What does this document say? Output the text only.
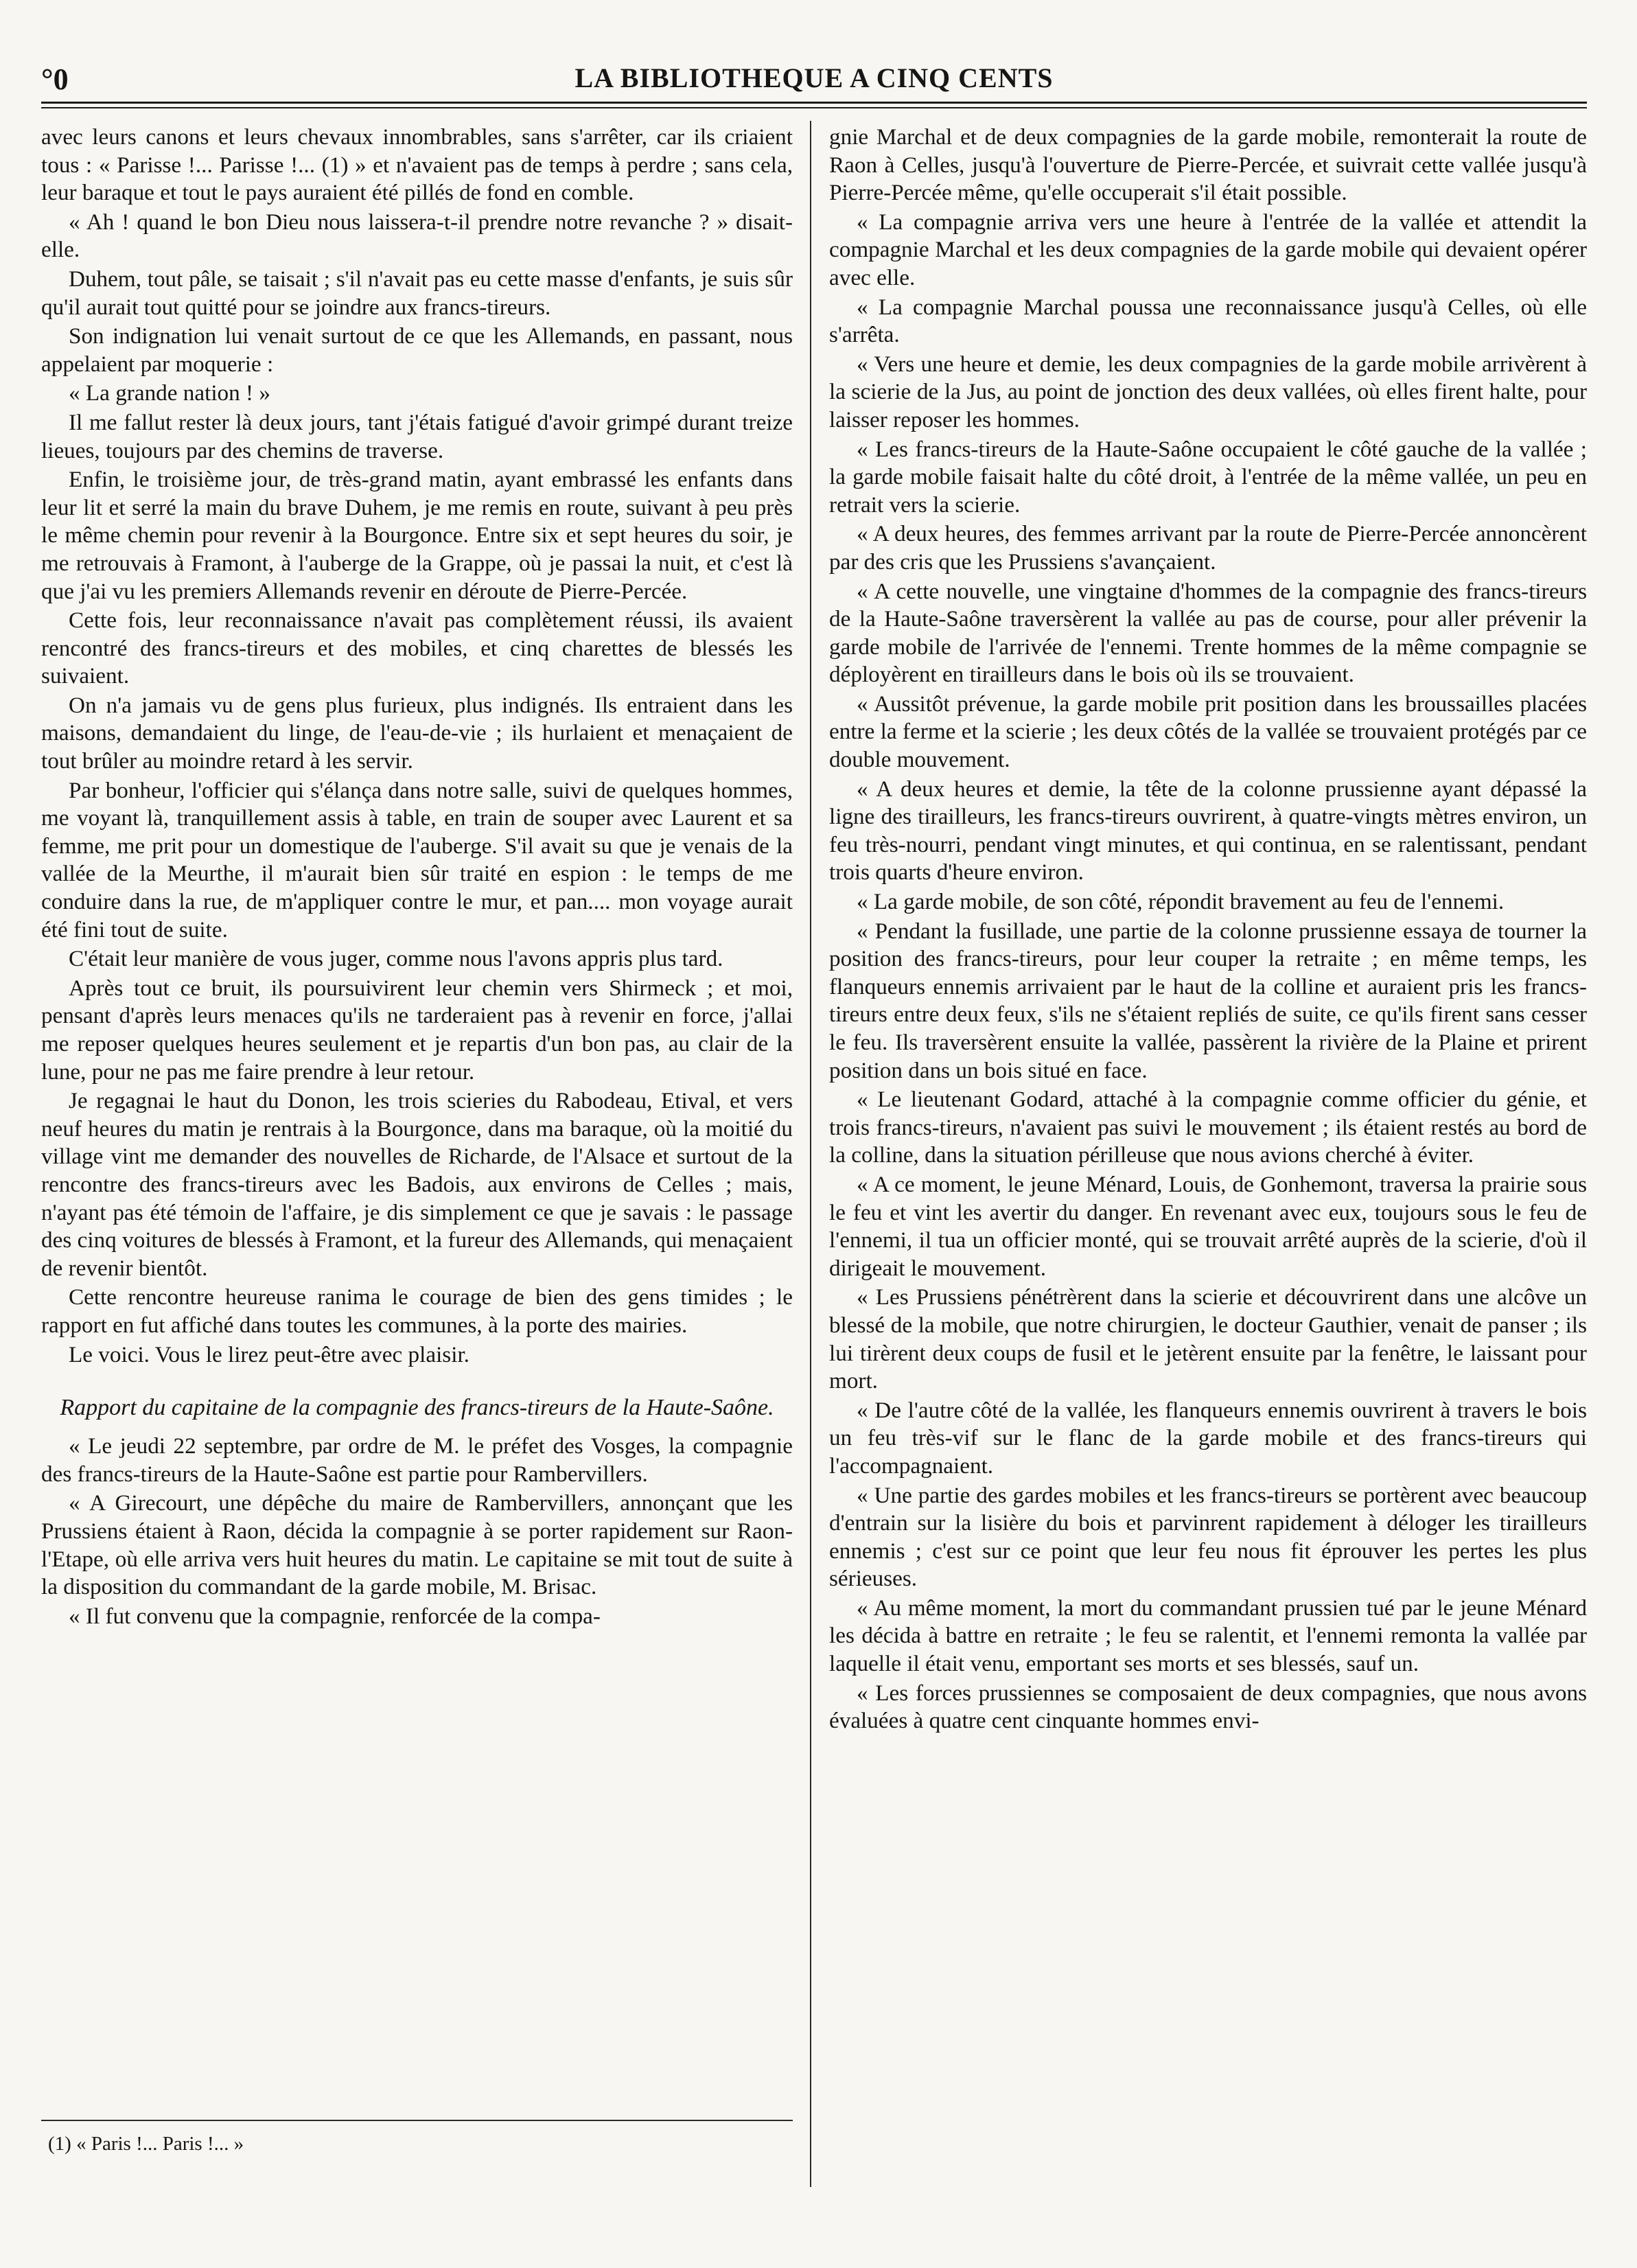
°0	LA BIBLIOTHEQUE A CINQ CENTS

avec leurs canons et leurs chevaux innombrables, sans s'arrêter, car ils criaient tous : « Parisse !... Parisse !... (1) » et n'avaient pas de temps à perdre ; sans cela, leur baraque et tout le pays auraient été pillés de fond en comble.

« Ah ! quand le bon Dieu nous laissera-t-il prendre notre revanche ? » disait-elle.

Duhem, tout pâle, se taisait ; s'il n'avait pas eu cette masse d'enfants, je suis sûr qu'il aurait tout quitté pour se joindre aux francs-tireurs.

Son indignation lui venait surtout de ce que les Allemands, en passant, nous appelaient par moquerie :

« La grande nation ! »

Il me fallut rester là deux jours, tant j'étais fatigué d'avoir grimpé durant treize lieues, toujours par des chemins de traverse.

Enfin, le troisième jour, de très-grand matin, ayant embrassé les enfants dans leur lit et serré la main du brave Duhem, je me remis en route, suivant à peu près le même chemin pour revenir à la Bourgonce. Entre six et sept heures du soir, je me retrouvais à Framont, à l'auberge de la Grappe, où je passai la nuit, et c'est là que j'ai vu les premiers Allemands revenir en déroute de Pierre-Percée.

Cette fois, leur reconnaissance n'avait pas complètement réussi, ils avaient rencontré des francs-tireurs et des mobiles, et cinq charettes de blessés les suivaient.

On n'a jamais vu de gens plus furieux, plus indignés. Ils entraient dans les maisons, demandaient du linge, de l'eau-de-vie ; ils hurlaient et menaçaient de tout brûler au moindre retard à les servir.

Par bonheur, l'officier qui s'élança dans notre salle, suivi de quelques hommes, me voyant là, tranquillement assis à table, en train de souper avec Laurent et sa femme, me prit pour un domestique de l'auberge. S'il avait su que je venais de la vallée de la Meurthe, il m'aurait bien sûr traité en espion : le temps de me conduire dans la rue, de m'appliquer contre le mur, et pan.... mon voyage aurait été fini tout de suite.

C'était leur manière de vous juger, comme nous l'avons appris plus tard.

Après tout ce bruit, ils poursuivirent leur chemin vers Shirmeck ; et moi, pensant d'après leurs menaces qu'ils ne tarderaient pas à revenir en force, j'allai me reposer quelques heures seulement et je repartis d'un bon pas, au clair de la lune, pour ne pas me faire prendre à leur retour.

Je regagnai le haut du Donon, les trois scieries du Rabodeau, Etival, et vers neuf heures du matin je rentrais à la Bourgonce, dans ma baraque, où la moitié du village vint me demander des nouvelles de Richarde, de l'Alsace et surtout de la rencontre des francs-tireurs avec les Badois, aux environs de Celles ; mais, n'ayant pas été témoin de l'affaire, je dis simplement ce que je savais : le passage des cinq voitures de blessés à Framont, et la fureur des Allemands, qui menaçaient de revenir bientôt.

Cette rencontre heureuse ranima le courage de bien des gens timides ; le rapport en fut affiché dans toutes les communes, à la porte des mairies.

Le voici. Vous le lirez peut-être avec plaisir.

Rapport du capitaine de la compagnie des francs-tireurs de la Haute-Saône.

« Le jeudi 22 septembre, par ordre de M. le préfet des Vosges, la compagnie des francs-tireurs de la Haute-Saône est partie pour Rambervillers.

« A Girecourt, une dépêche du maire de Rambervillers, annonçant que les Prussiens étaient à Raon, décida la compagnie à se porter rapidement sur Raon-l'Etape, où elle arriva vers huit heures du matin. Le capitaine se mit tout de suite à la disposition du commandant de la garde mobile, M. Brisac.

« Il fut convenu que la compagnie, renforcée de la compa-

gnie Marchal et de deux compagnies de la garde mobile, remonterait la route de Raon à Celles, jusqu'à l'ouverture de Pierre-Percée, et suivrait cette vallée jusqu'à Pierre-Percée même, qu'elle occuperait s'il était possible.

« La compagnie arriva vers une heure à l'entrée de la vallée et attendit la compagnie Marchal et les deux compagnies de la garde mobile qui devaient opérer avec elle.

« La compagnie Marchal poussa une reconnaissance jusqu'à Celles, où elle s'arrêta.

« Vers une heure et demie, les deux compagnies de la garde mobile arrivèrent à la scierie de la Jus, au point de jonction des deux vallées, où elles firent halte, pour laisser reposer les hommes.

« Les francs-tireurs de la Haute-Saône occupaient le côté gauche de la vallée ; la garde mobile faisait halte du côté droit, à l'entrée de la même vallée, un peu en retrait vers la scierie.

« A deux heures, des femmes arrivant par la route de Pierre-Percée annoncèrent par des cris que les Prussiens s'avançaient.

« A cette nouvelle, une vingtaine d'hommes de la compagnie des francs-tireurs de la Haute-Saône traversèrent la vallée au pas de course, pour aller prévenir la garde mobile de l'arrivée de l'ennemi. Trente hommes de la même compagnie se déployèrent en tirailleurs dans le bois où ils se trouvaient.

« Aussitôt prévenue, la garde mobile prit position dans les broussailles placées entre la ferme et la scierie ; les deux côtés de la vallée se trouvaient protégés par ce double mouvement.

« A deux heures et demie, la tête de la colonne prussienne ayant dépassé la ligne des tirailleurs, les francs-tireurs ouvrirent, à quatre-vingts mètres environ, un feu très-nourri, pendant vingt minutes, et qui continua, en se ralentissant, pendant trois quarts d'heure environ.

« La garde mobile, de son côté, répondit bravement au feu de l'ennemi.

« Pendant la fusillade, une partie de la colonne prussienne essaya de tourner la position des francs-tireurs, pour leur couper la retraite ; en même temps, les flanqueurs ennemis arrivaient par le haut de la colline et auraient pris les francs-tireurs entre deux feux, s'ils ne s'étaient repliés de suite, ce qu'ils firent sans cesser le feu. Ils traversèrent ensuite la vallée, passèrent la rivière de la Plaine et prirent position dans un bois situé en face.

« Le lieutenant Godard, attaché à la compagnie comme officier du génie, et trois francs-tireurs, n'avaient pas suivi le mouvement ; ils étaient restés au bord de la colline, dans la situation périlleuse que nous avions cherché à éviter.

« A ce moment, le jeune Ménard, Louis, de Gonhemont, traversa la prairie sous le feu et vint les avertir du danger. En revenant avec eux, toujours sous le feu de l'ennemi, il tua un officier monté, qui se trouvait arrêté auprès de la scierie, d'où il dirigeait le mouvement.

« Les Prussiens pénétrèrent dans la scierie et découvrirent dans une alcôve un blessé de la mobile, que notre chirurgien, le docteur Gauthier, venait de panser ; ils lui tirèrent deux coups de fusil et le jetèrent ensuite par la fenêtre, le laissant pour mort.

« De l'autre côté de la vallée, les flanqueurs ennemis ouvrirent à travers le bois un feu très-vif sur le flanc de la garde mobile et des francs-tireurs qui l'accompagnaient.

« Une partie des gardes mobiles et les francs-tireurs se portèrent avec beaucoup d'entrain sur la lisière du bois et parvinrent rapidement à déloger les tirailleurs ennemis ; c'est sur ce point que leur feu nous fit éprouver les pertes les plus sérieuses.

« Au même moment, la mort du commandant prussien tué par le jeune Ménard les décida à battre en retraite ; le feu se ralentit, et l'ennemi remonta la vallée par laquelle il était venu, emportant ses morts et ses blessés, sauf un.

« Les forces prussiennes se composaient de deux compagnies, que nous avons évaluées à quatre cent cinquante hommes envi-

(1) « Paris !... Paris !... »
